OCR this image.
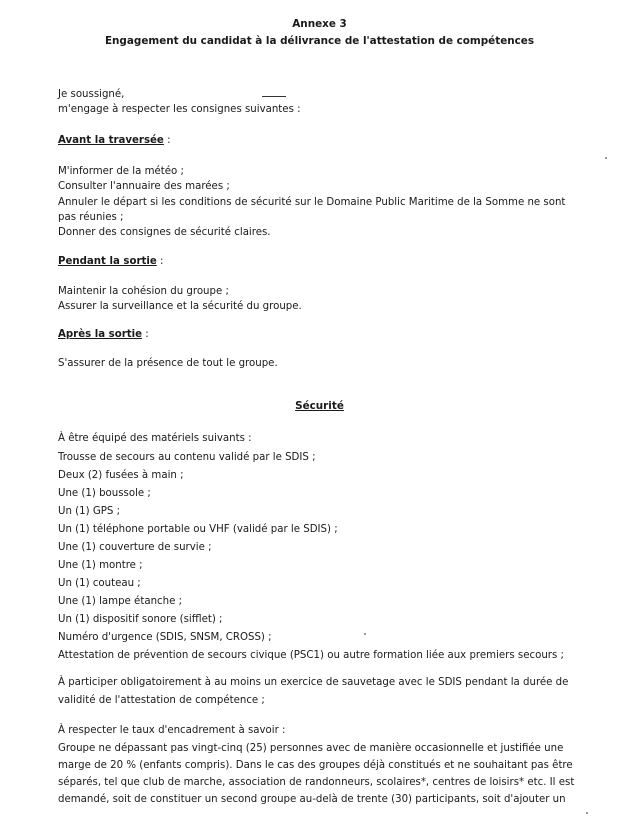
Annexe 3
Engagement du candidat à la délivrance de l'attestation de compétences
Je soussigné,
m'engage à respecter les consignes suivantes :
Avant la traversée :
M'informer de la météo ;
Consulter l'annuaire des marées ;
Annuler le départ si les conditions de sécurité sur le Domaine Public Maritime de la Somme ne sont
pas réunies ;
Donner des consignes de sécurité claires.
Pendant la sortie :
Maintenir la cohésion du groupe ;
Assurer la surveillance et la sécurité du groupe.
Après la sortie :
S'assurer de la présence de tout le groupe.
Sécurité
À être équipé des matériels suivants :
Trousse de secours au contenu validé par le SDIS ;
Deux (2) fusées à main ;
Une (1) boussole ;
Un (1) GPS ;
Un (1) téléphone portable ou VHF (validé par le SDIS) ;
Une (1) couverture de survie ;
Une (1) montre ;
Un (1) couteau ;
Une (1) lampe étanche ;
Un (1) dispositif sonore (sifflet) ;
Numéro d'urgence (SDIS, SNSM, CROSS) ;
Attestation de prévention de secours civique (PSC1) ou autre formation liée aux premiers secours ;
À participer obligatoirement à au moins un exercice de sauvetage avec le SDIS pendant la durée de
validité de l'attestation de compétence ;
À respecter le taux d'encadrement à savoir :
Groupe ne dépassant pas vingt-cinq (25) personnes avec de manière occasionnelle et justifiée une
marge de 20 % (enfants compris). Dans le cas des groupes déjà constitués et ne souhaitant pas être
séparés, tel que club de marche, association de randonneurs, scolaires*, centres de loisirs* etc. Il est
demandé, soit de constituer un second groupe au-delà de trente (30) participants, soit d'ajouter un
